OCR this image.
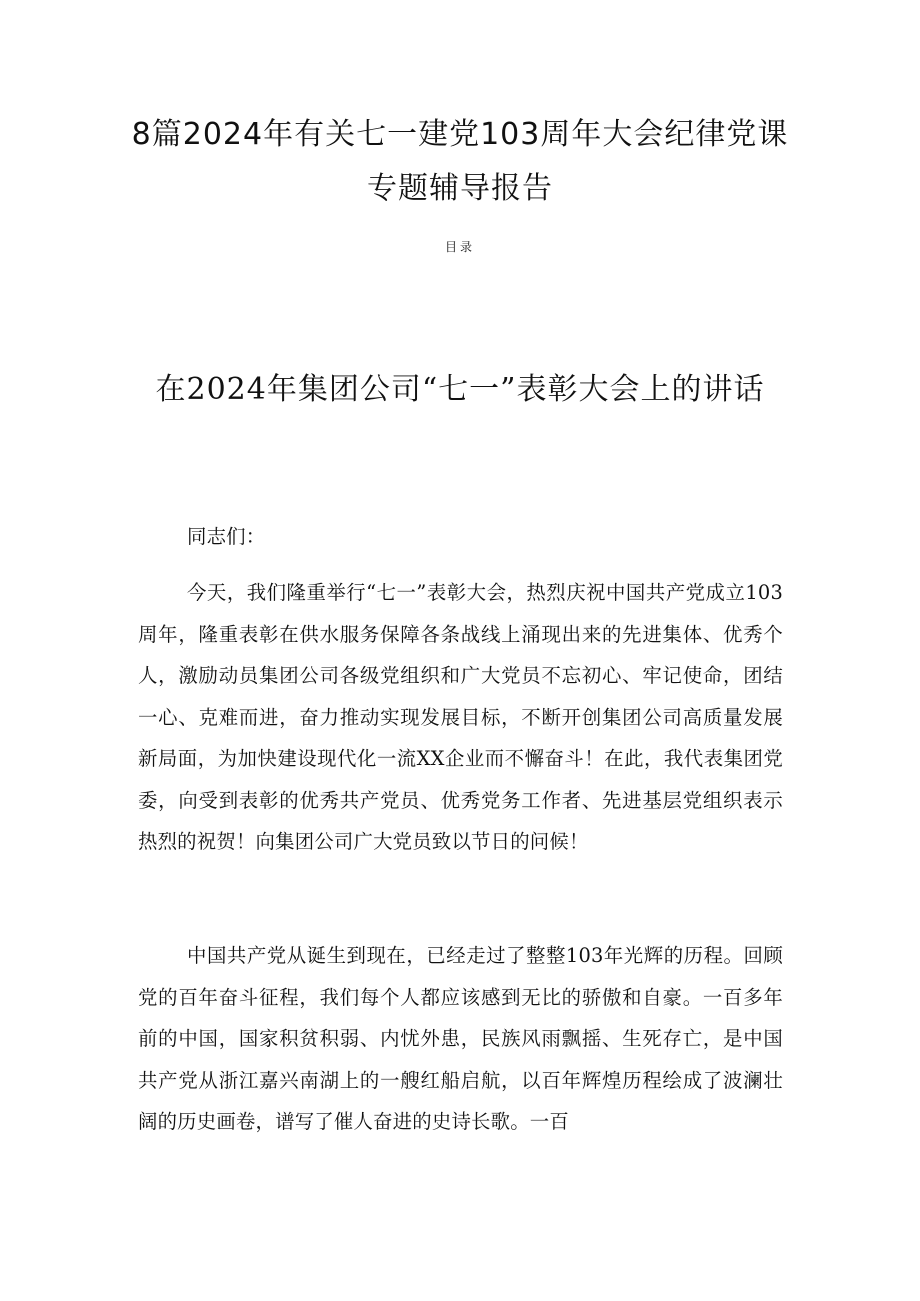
8篇2024年有关七一建党103周年大会纪律党课专题辅导报告
目录
在2024年集团公司“七一”表彰大会上的讲话

同志们：

今天，我们隆重举行“七一”表彰大会，热烈庆祝中国共产党成立103周年，隆重表彰在供水服务保障各条战线上涌现出来的先进集体、优秀个人，激励动员集团公司各级党组织和广大党员不忘初心、牢记使命，团结一心、克难而进，奋力推动实现发展目标，不断开创集团公司高质量发展新局面，为加快建设现代化一流XX企业而不懈奋斗！在此，我代表集团党委，向受到表彰的优秀共产党员、优秀党务工作者、先进基层党组织表示热烈的祝贺！向集团公司广大党员致以节日的问候！

中国共产党从诞生到现在，已经走过了整整103年光辉的历程。回顾党的百年奋斗征程，我们每个人都应该感到无比的骄傲和自豪。一百多年前的中国，国家积贫积弱、内忧外患，民族风雨飘摇、生死存亡，是中国共产党从浙江嘉兴南湖上的一艘红船启航，以百年辉煌历程绘成了波澜壮阔的历史画卷，谱写了催人奋进的史诗长歌。一百
